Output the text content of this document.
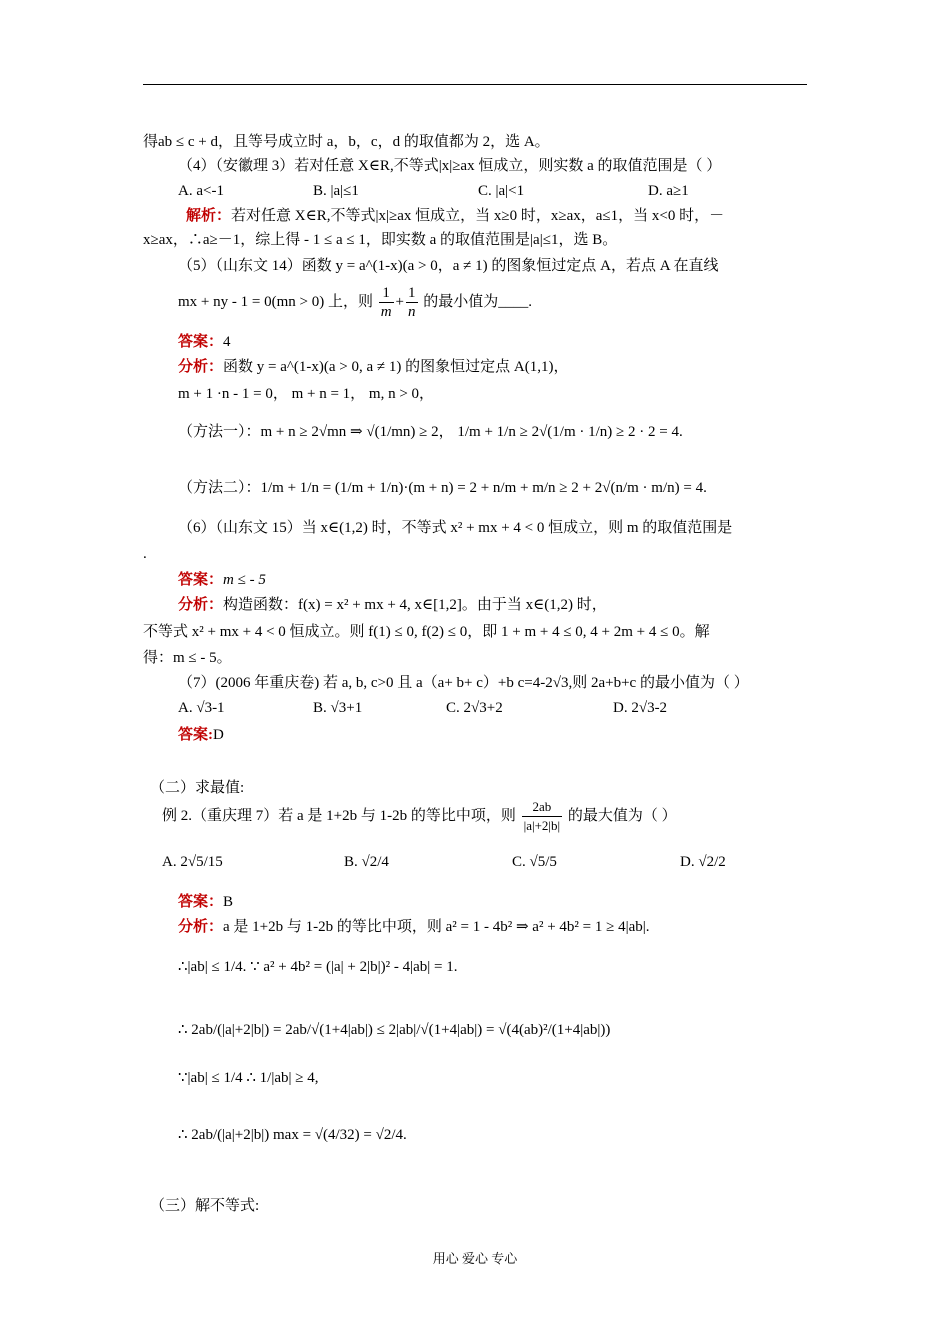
得ab ≤ c + d，且等号成立时 a，b，c，d 的取值都为 2，选 A。
（4）（安徽理 3）若对任意 X∈R,不等式|x|≥ax 恒成立，则实数 a 的取值范围是（ ）
A. a<-1	B. |a|≤1	C. |a|<1	D. a≥1
解析：若对任意 X∈R,不等式|x|≥ax 恒成立，当 x≥0 时，x≥ax，a≤1，当 x<0 时，－
x≥ax，∴a≥－1，综上得 - 1 ≤ a ≤ 1，即实数 a 的取值范围是|a|≤1，选 B。
（5）（山东文 14）函数 y = a^(1-x)(a > 0，a ≠ 1) 的图象恒过定点 A，若点 A 在直线
mx + ny - 1 = 0(mn > 0) 上，则 $\frac{1}{m} + \frac{1}{n}$ 的最小值为____.
答案：4
分析：函数 y = a^(1-x)(a > 0, a ≠ 1) 的图象恒过定点 A(1,1)，
m + 1 ·n - 1 = 0， m + n = 1， m, n > 0，
（方法一）：m + n ≥ 2√mn ⇒ √(1/mn) ≥ 2， 1/m + 1/n ≥ 2√(1/m · 1/n) ≥ 2 · 2 = 4.
（方法二）：1/m + 1/n = (1/m + 1/n)·(m + n) = 2 + n/m + m/n ≥ 2 + 2√(n/m · m/n) = 4.
（6）（山东文 15）当 x∈(1,2) 时，不等式 x² + mx + 4 < 0 恒成立，则 m 的取值范围是
.
答案：m ≤ - 5
分析：构造函数：f(x) = x² + mx + 4, x∈[1,2]。由于当 x∈(1,2) 时，
不等式 x² + mx + 4 < 0 恒成立。则 f(1) ≤ 0, f(2) ≤ 0，即 1 + m + 4 ≤ 0, 4 + 2m + 4 ≤ 0。解
得：m ≤ - 5。
（7）(2006 年重庆卷) 若 a, b, c>0 且 a（a+ b+ c）+b c=4-2√3,则 2a+b+c 的最小值为（ ）
A. √3-1	B. √3+1	C. 2√3+2	D. 2√3-2
答案:D
（二）求最值:
例 2.（重庆理 7）若 a 是 1+2b 与 1-2b 的等比中项，则 $\frac{2ab}{|a|+2|b|}$ 的最大值为（ ）
A. 2√5/15	B. √2/4	C. √5/5	D. √2/2
答案：B
分析：a 是 1+2b 与 1-2b 的等比中项，则 a² = 1 - 4b² ⇒ a² + 4b² = 1 ≥ 4|ab|.
∴|ab| ≤ 1/4. ∵ a² + 4b² = (|a| + 2|b|)² - 4|ab| = 1.
∴ 2ab/(|a|+2|b|) = 2ab/√(1+4|ab|) ≤ 2|ab|/√(1+4|ab|) = √(4(ab)²/(1+4|ab|))
∵|ab| ≤ 1/4 ∴ 1/|ab| ≥ 4,
∴ 2ab/(|a|+2|b|) max = √(4/32) = √2/4.
（三）解不等式:
用心 爱心 专心
